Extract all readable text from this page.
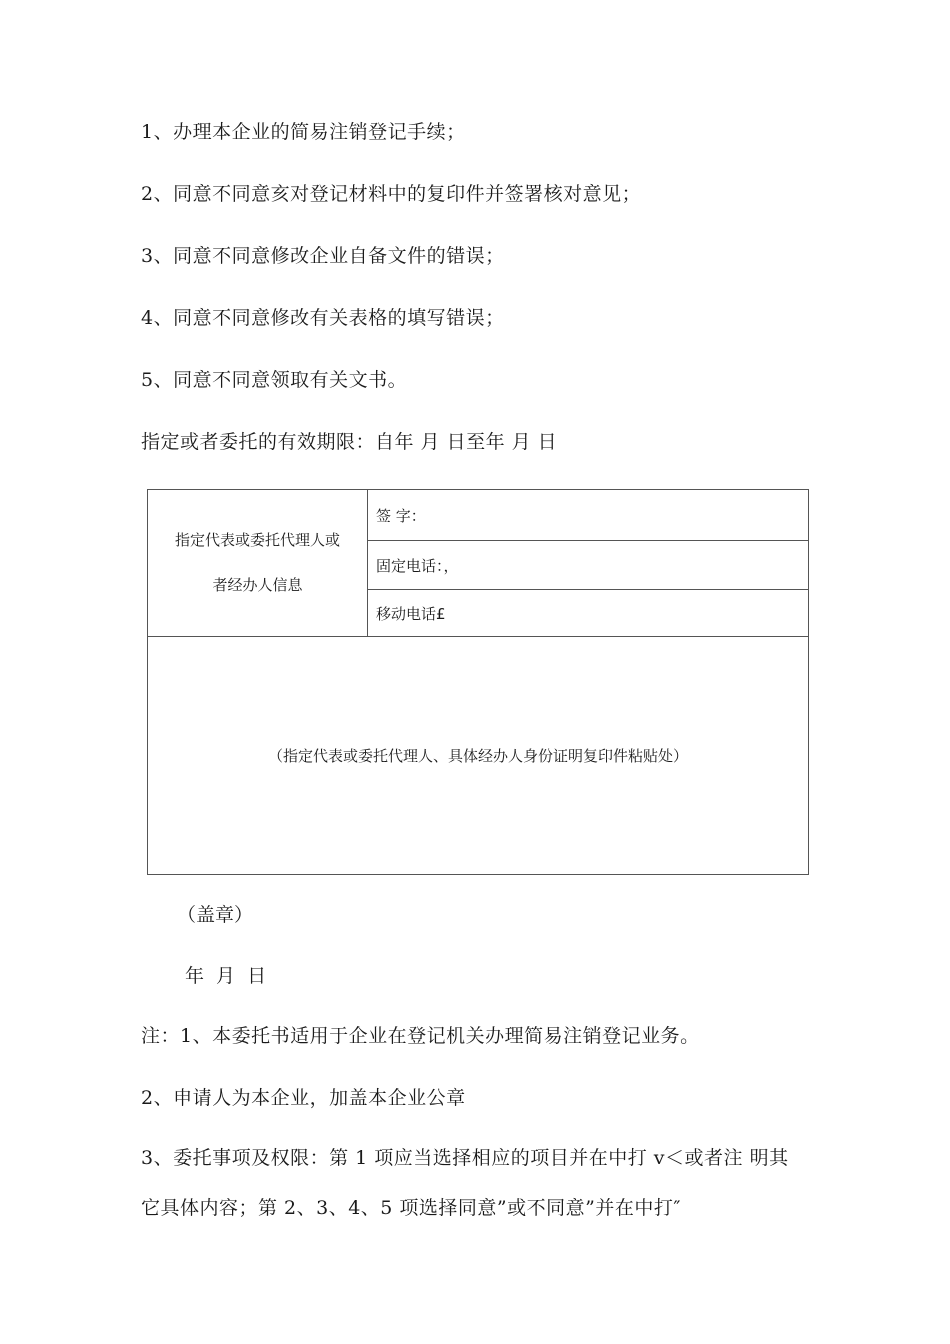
1、办理本企业的简易注销登记手续；
2、同意不同意亥对登记材料中的复印件并签署核对意见；
3、同意不同意修改企业自备文件的错误；
4、同意不同意修改有关表格的填写错误；
5、同意不同意领取有关文书。
指定或者委托的有效期限：自年 月 日至年 月 日
指定代表或委托代理人或
者经办人信息
签 字：
固定电话：，
移动电话£
（指定代表或委托代理人、具体经办人身份证明复印件粘贴处）
（盖章）
年 月 日
注：1、本委托书适用于企业在登记机关办理简易注销登记业务。
2、申请人为本企业，加盖本企业公章
3、委托事项及权限：第 1 项应当选择相应的项目并在中打 v＜或者注 明其
它具体内容；第 2、3、4、5 项选择同意”或不同意”并在中打″
